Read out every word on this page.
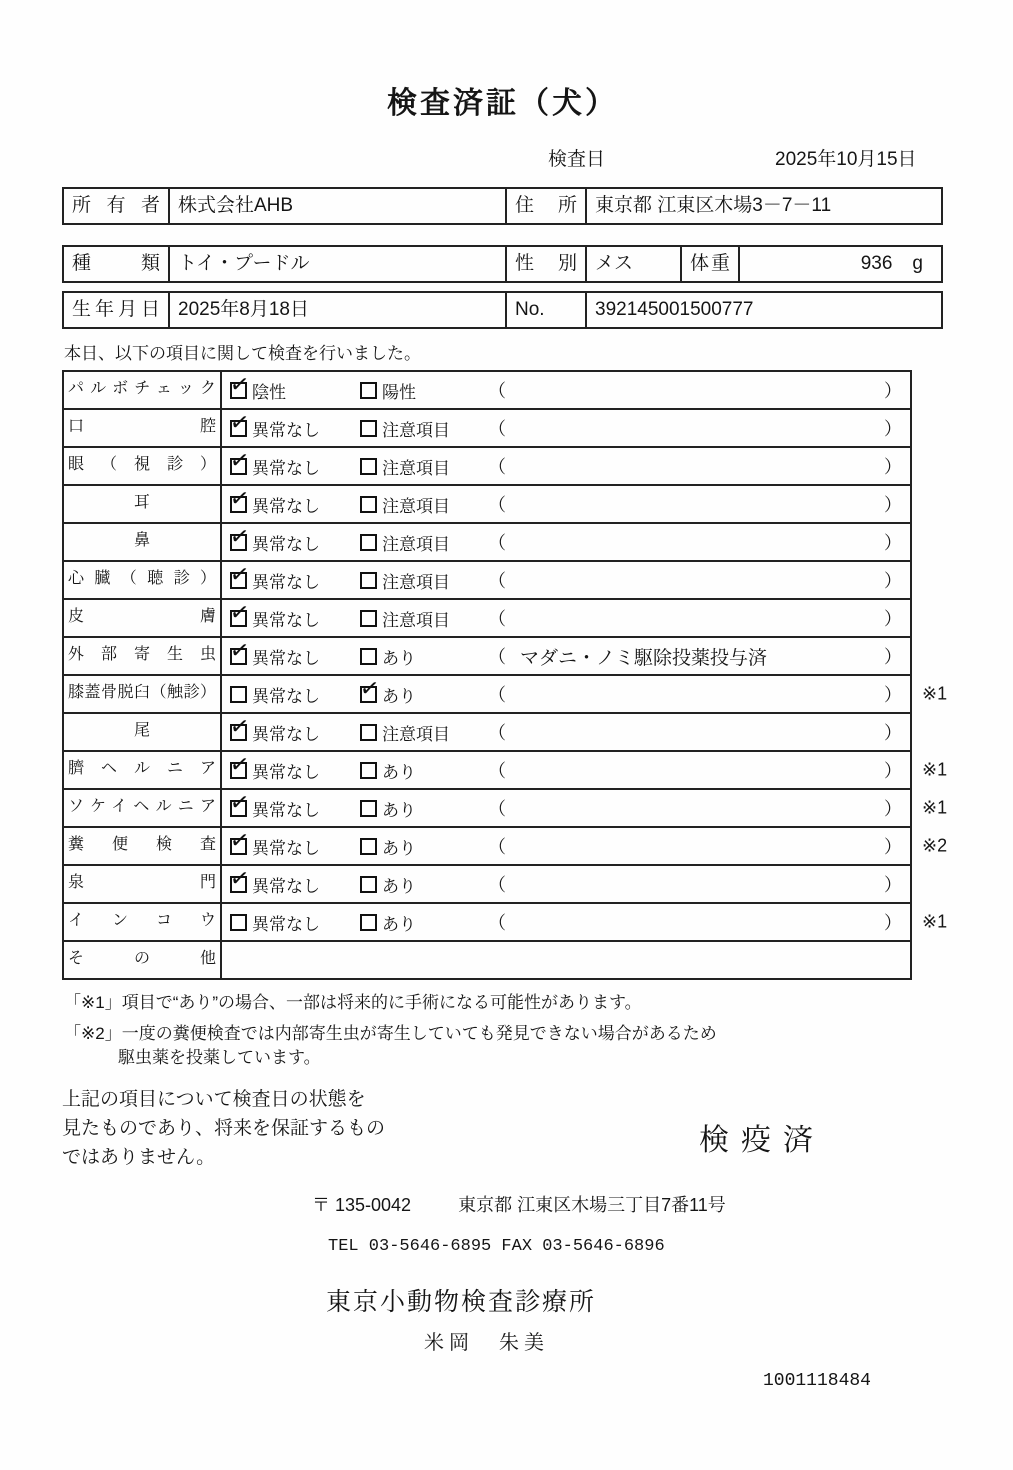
検査済証（犬）
検査日	2025年10月15日
所有者 株式会社AHB	住所 東京都 江東区木場3－7－11
種類 トイ・プードル	性別 メス	体重	936 g
生年月日 2025年8月18日	No.	392145001500777

本日、以下の項目に関して検査を行いました。

パルボチェック ✓ 陰性	陽性	（	）
口腔 ✓ 異常なし	注意項目 （	）
眼（視診） ✓ 異常なし	注意項目 （	）
耳	✓ 異常なし	注意項目 （	）
鼻	✓ 異常なし	注意項目 （	）
心臓（聴診） ✓ 異常なし	注意項目 （	）
皮膚 ✓ 異常なし	注意項目 （	）
外部寄生虫 ✓ 異常なし	あり	（ マダニ・ノミ駆除投薬投与済	）
膝蓋骨脱臼（触診）	異常なし ✓ あり	（	） ※1
尾	✓ 異常なし	注意項目 （	）
臍ヘルニア ✓ 異常なし	あり	（	） ※1
ソケイヘルニア ✓ 異常なし	あり	（	） ※1
糞便検査 ✓ 異常なし	あり	（	） ※2
泉門 ✓ 異常なし	あり	（	）
インコウ	異常なし	あり	（	） ※1
その他

「※1」項目で“あり”の場合、一部は将来的に手術になる可能性があります。

「※2」一度の糞便検査では内部寄生虫が寄生していても発見できない場合があるため

駆虫薬を投薬しています。

上記の項目について検査日の状態を
見たものであり、将来を保証するもの
ではありません。
検疫済

〒 135-0042	東京都 江東区木場三丁目7番11号

TEL 03-5646-6895 FAX 03-5646-6896

東京小動物検査診療所

米岡　朱美

1001118484
